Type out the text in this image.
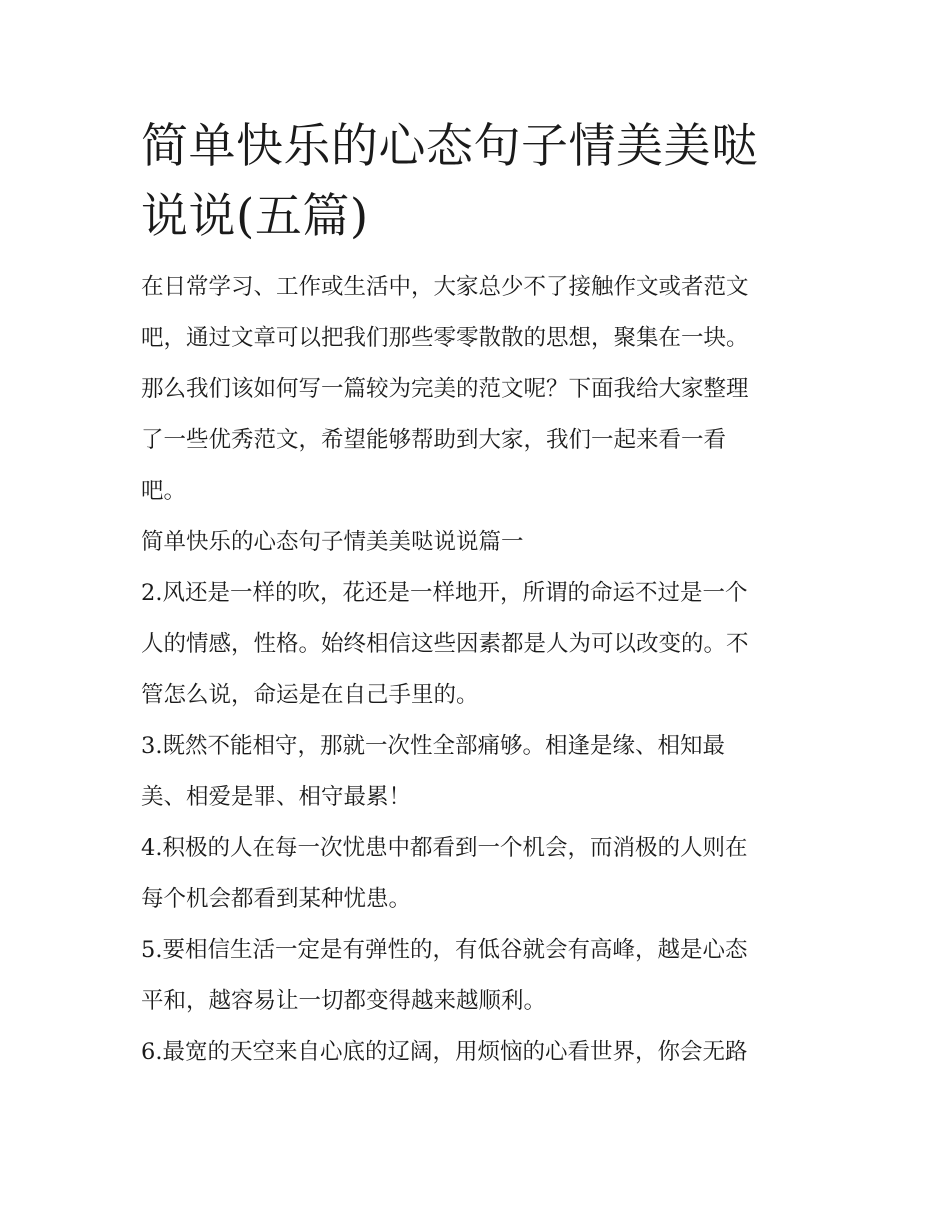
简单快乐的心态句子情美美哒
说说(五篇)

在日常学习、工作或生活中，大家总少不了接触作文或者范文
吧，通过文章可以把我们那些零零散散的思想，聚集在一块。
那么我们该如何写一篇较为完美的范文呢？下面我给大家整理
了一些优秀范文，希望能够帮助到大家，我们一起来看一看
吧。

简单快乐的心态句子情美美哒说说篇一

2.风还是一样的吹，花还是一样地开，所谓的命运不过是一个
人的情感，性格。始终相信这些因素都是人为可以改变的。不
管怎么说，命运是在自己手里的。

3.既然不能相守，那就一次性全部痛够。相逢是缘、相知最
美、相爱是罪、相守最累！

4.积极的人在每一次忧患中都看到一个机会，而消极的人则在
每个机会都看到某种忧患。

5.要相信生活一定是有弹性的，有低谷就会有高峰，越是心态
平和，越容易让一切都变得越来越顺利。

6.最宽的天空来自心底的辽阔，用烦恼的心看世界，你会无路
